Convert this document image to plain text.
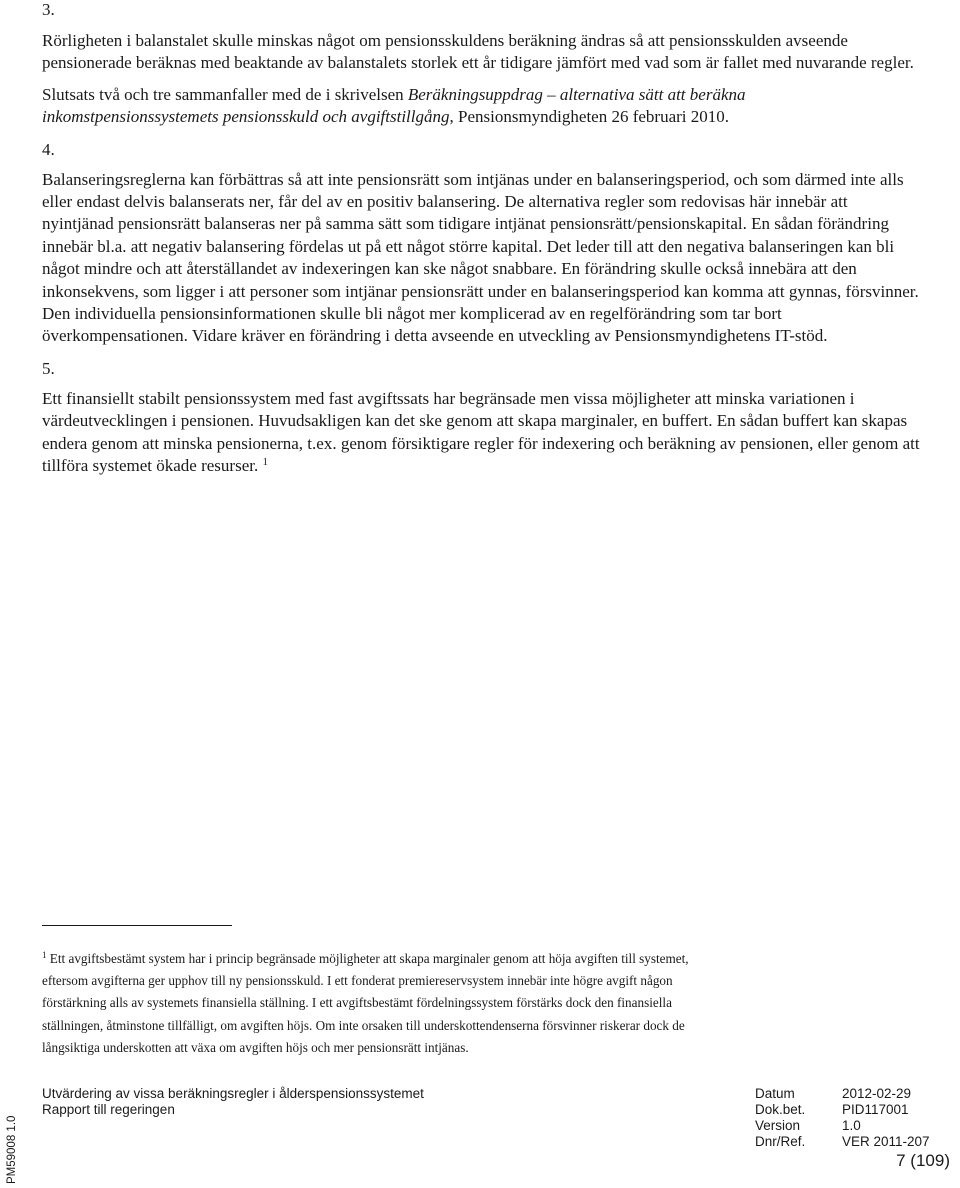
3.

Rörligheten i balanstalet skulle minskas något om pensionsskuldens beräkning ändras så att pensionsskulden avseende pensionerade beräknas med beaktande av balanstalets storlek ett år tidigare jämfört med vad som är fallet med nuvarande regler.

Slutsats två och tre sammanfaller med de i skrivelsen Beräkningsuppdrag – alternativa sätt att beräkna inkomstpensionssystemets pensionsskuld och avgiftstillgång, Pensionsmyndigheten 26 februari 2010.

4.

Balanseringsreglerna kan förbättras så att inte pensionsrätt som intjänas under en balanseringsperiod, och som därmed inte alls eller endast delvis balanserats ner, får del av en positiv balansering. De alternativa regler som redovisas här innebär att nyintjänad pensionsrätt balanseras ner på samma sätt som tidigare intjänat pensionsrätt/pensionskapital. En sådan förändring innebär bl.a. att negativ balansering fördelas ut på ett något större kapital. Det leder till att den negativa balanseringen kan bli något mindre och att återställandet av indexeringen kan ske något snabbare. En förändring skulle också innebära att den inkonsekvens, som ligger i att personer som intjänar pensionsrätt under en balanseringsperiod kan komma att gynnas, försvinner. Den individuella pensionsinformationen skulle bli något mer komplicerad av en regelförändring som tar bort överkompensationen. Vidare kräver en förändring i detta avseende en utveckling av Pensionsmyndighetens IT-stöd.

5.

Ett finansiellt stabilt pensionssystem med fast avgiftssats har begränsade men vissa möjligheter att minska variationen i värdeutvecklingen i pensionen. Huvudsakligen kan det ske genom att skapa marginaler, en buffert. En sådan buffert kan skapas endera genom att minska pensionerna, t.ex. genom försiktigare regler för indexering och beräkning av pensionen, eller genom att tillföra systemet ökade resurser. $^1$

$^1$ Ett avgiftsbestämt system har i princip begränsade möjligheter att skapa marginaler genom att höja avgiften till systemet, eftersom avgifterna ger upphov till ny pensionsskuld. I ett fonderat premiereservsystem innebär inte högre avgift någon förstärkning alls av systemets finansiella ställning. I ett avgiftsbestämt fördelningssystem förstärks dock den finansiella ställningen, åtminstone tillfälligt, om avgiften höjs. Om inte orsaken till underskottendenserna försvinner riskerar dock de långsiktiga underskotten att växa om avgiften höjs och mer pensionsrätt intjänas.

PM59008 1.0
Utvärdering av vissa beräkningsregler i ålderspensionssystemet
Rapport till regeringen
Datum	2012-02-29
Dok.bet.	PID117001
Version	1.0
Dnr/Ref.	VER 2011-207
7 (109)
